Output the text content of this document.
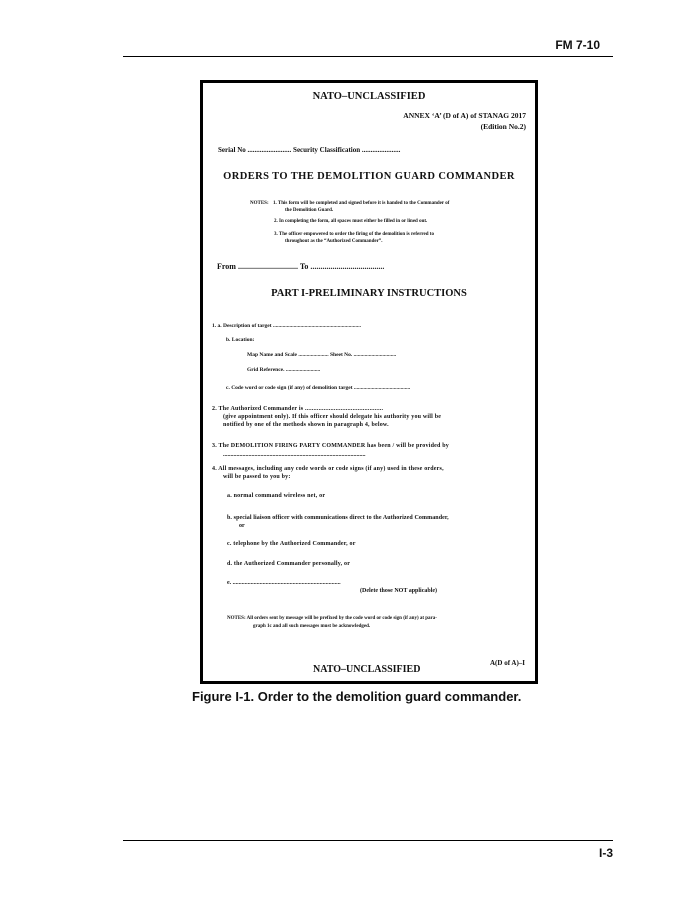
FM 7-10
NATO–UNCLASSIFIED
ANNEX ‘A’ (D of A) of STANAG 2017
(Edition No.2)
Serial No ......................... Security Classification ......................
ORDERS TO THE DEMOLITION GUARD COMMANDER
NOTES: 1. This form will be completed and signed before it is handed to the Commander of
the Demolition Guard.
2. In completing the form, all spaces must either be filled in or lined out.
3. The officer empowered to order the firing of the demolition is referred to
throughout as the “Authorized Commander”.
From .............................. To .....................................
PART I-PRELIMINARY INSTRUCTIONS
1. a. Description of target ................................................................
b. Location:
Map Name and Scale ...................... Sheet No. ...............................
Grid Reference. .........................
c. Code word or code sign (if any) of demolition target .........................................
2. The Authorized Commander is ..............................................
(give appointment only). If this officer should delegate his authority you will be
notified by one of the methods shown in paragraph 4, below.
3. The DEMOLITION FIRING PARTY COMMANDER has been / will be provided by
...............................................................................................
4. All messages, including any code words or code signs (if any) used in these orders,
will be passed to you by:
a. normal command wireless net, or
b. special liaison officer with communications direct to the Authorized Commander,
or
c. telephone by the Authorized Commander, or
d. the Authorized Commander personally, or
e. ........................................................................
(Delete those NOT applicable)
NOTES: All orders sent by message will be prefixed by the code word or code sign (if any) at para-
graph 1c and all such messages must be acknowledged.
NATO–UNCLASSIFIED
A(D of A)–I
Figure I-1. Order to the demolition guard commander.
I-3
